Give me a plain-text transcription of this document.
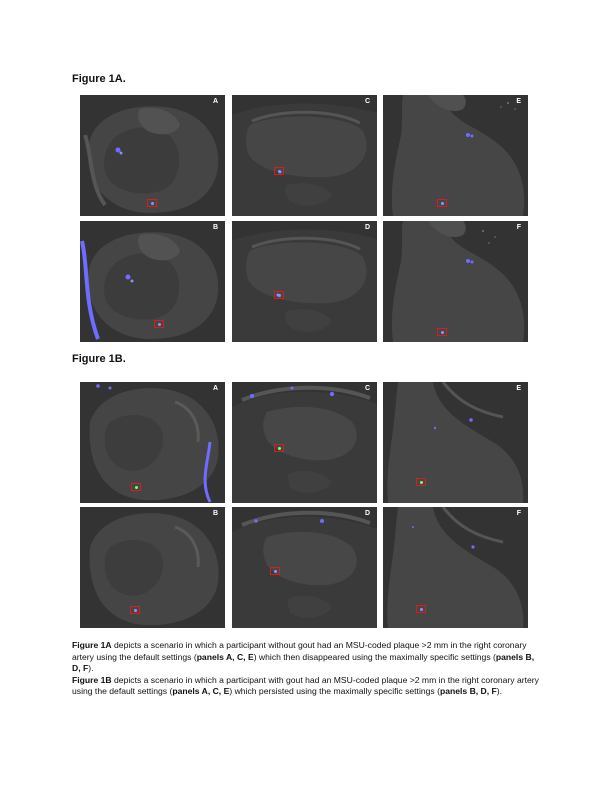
Figure 1A.
A	C	E
B	D	F
Figure 1B.
A	C	E
B	D	F

Figure 1A depicts a scenario in which a participant without gout had an MSU-coded plaque >2 mm in the right coronary artery using the default settings (panels A, C, E) which then disappeared using the maximally specific settings (panels B, D, F).

Figure 1B depicts a scenario in which a participant with gout had an MSU-coded plaque >2 mm in the right coronary artery using the default settings (panels A, C, E) which persisted using the maximally specific settings (panels B, D, F).
